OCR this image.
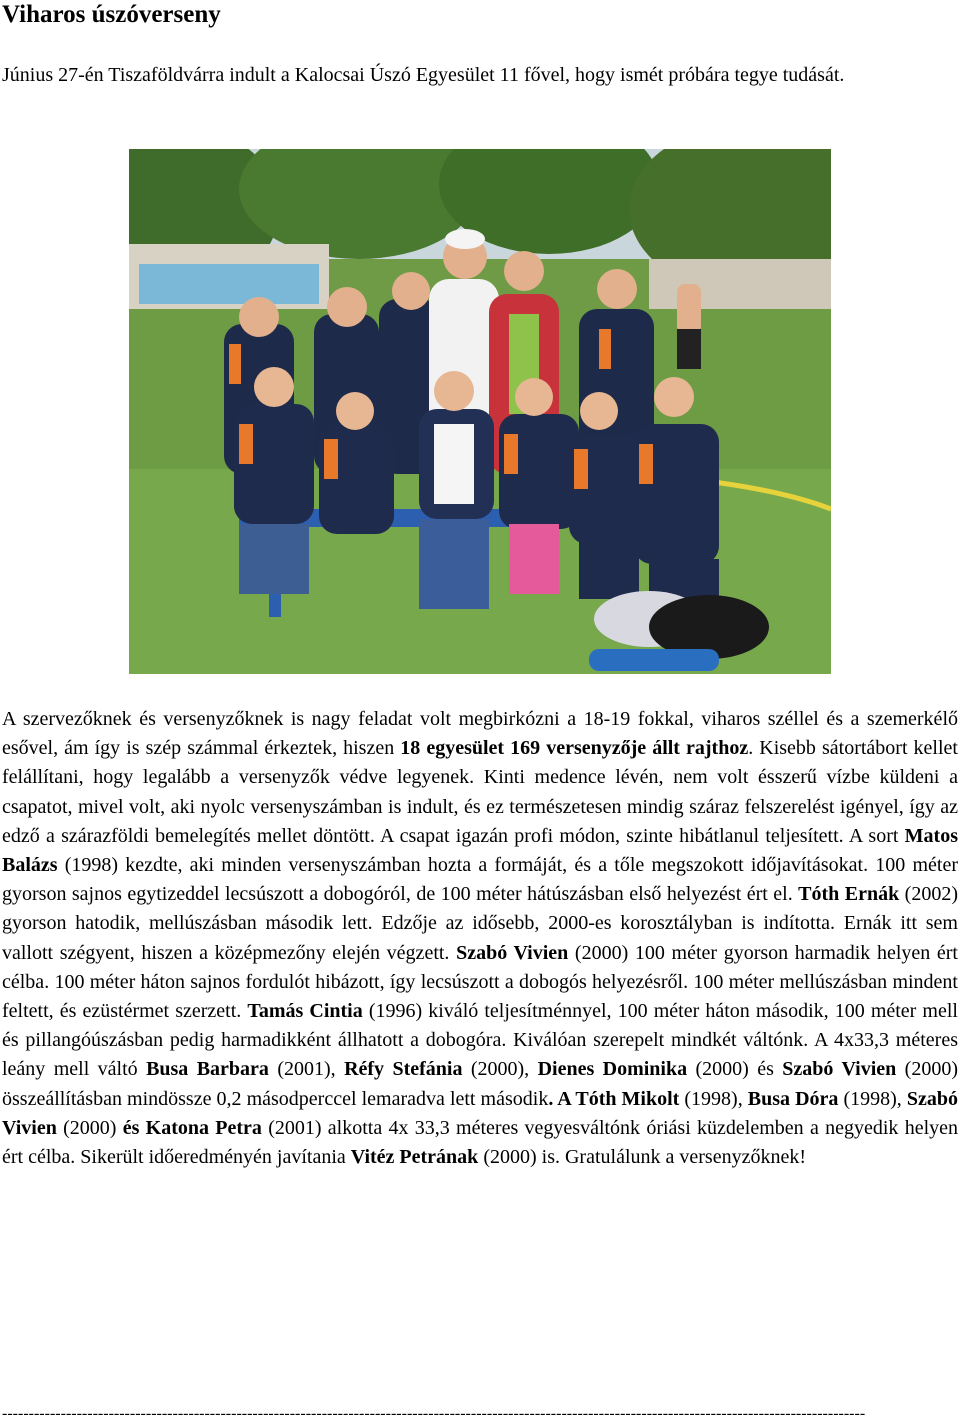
Viharos úszóverseny

Június 27-én Tiszaföldvárra indult a Kalocsai Úszó Egyesület 11 fővel, hogy ismét próbára tegye tudását.

A szervezőknek és versenyzőknek is nagy feladat volt megbirkózni a 18-19 fokkal, viharos széllel és a szemerkélő esővel, ám így is szép számmal érkeztek, hiszen 18 egyesület 169 versenyzője állt rajthoz. Kisebb sátortábort kellet felállítani, hogy legalább a versenyzők védve legyenek. Kinti medence lévén, nem volt ésszerű vízbe küldeni a csapatot, mivel volt, aki nyolc versenyszámban is indult, és ez természetesen mindig száraz felszerelést igényel, így az edző a szárazföldi bemelegítés mellet döntött. A csapat igazán profi módon, szinte hibátlanul teljesített. A sort Matos Balázs (1998) kezdte, aki minden versenyszámban hozta a formáját, és a tőle megszokott időjavításokat. 100 méter gyorson sajnos egytizeddel lecsúszott a dobogóról, de 100 méter hátúszásban első helyezést ért el. Tóth Ernák (2002) gyorson hatodik, mellúszásban második lett. Edzője az idősebb, 2000-es korosztályban is indította. Ernák itt sem vallott szégyent, hiszen a középmezőny elején végzett. Szabó Vivien (2000) 100 méter gyorson harmadik helyen ért célba. 100 méter háton sajnos fordulót hibázott, így lecsúszott a dobogós helyezésről. 100 méter mellúszásban mindent feltett, és ezüstérmet szerzett. Tamás Cintia (1996) kiváló teljesítménnyel, 100 méter háton második, 100 méter mell és pillangóúszásban pedig harmadikként állhatott a dobogóra. Kiválóan szerepelt mindkét váltónk. A 4x33,3 méteres leány mell váltó Busa Barbara (2001), Réfy Stefánia (2000), Dienes Dominika (2000) és Szabó Vivien (2000) összeállításban mindössze 0,2 másodperccel lemaradva lett második. A Tóth Mikolt (1998), Busa Dóra (1998), Szabó Vivien (2000) és Katona Petra (2001) alkotta 4x 33,3 méteres vegyesváltónk óriási küzdelemben a negyedik helyen ért célba. Sikerült időeredményén javítania Vitéz Petrának (2000) is. Gratulálunk a versenyzőknek!

------------------------------------------------------------------------------------------------------------------------------------------------------------------
